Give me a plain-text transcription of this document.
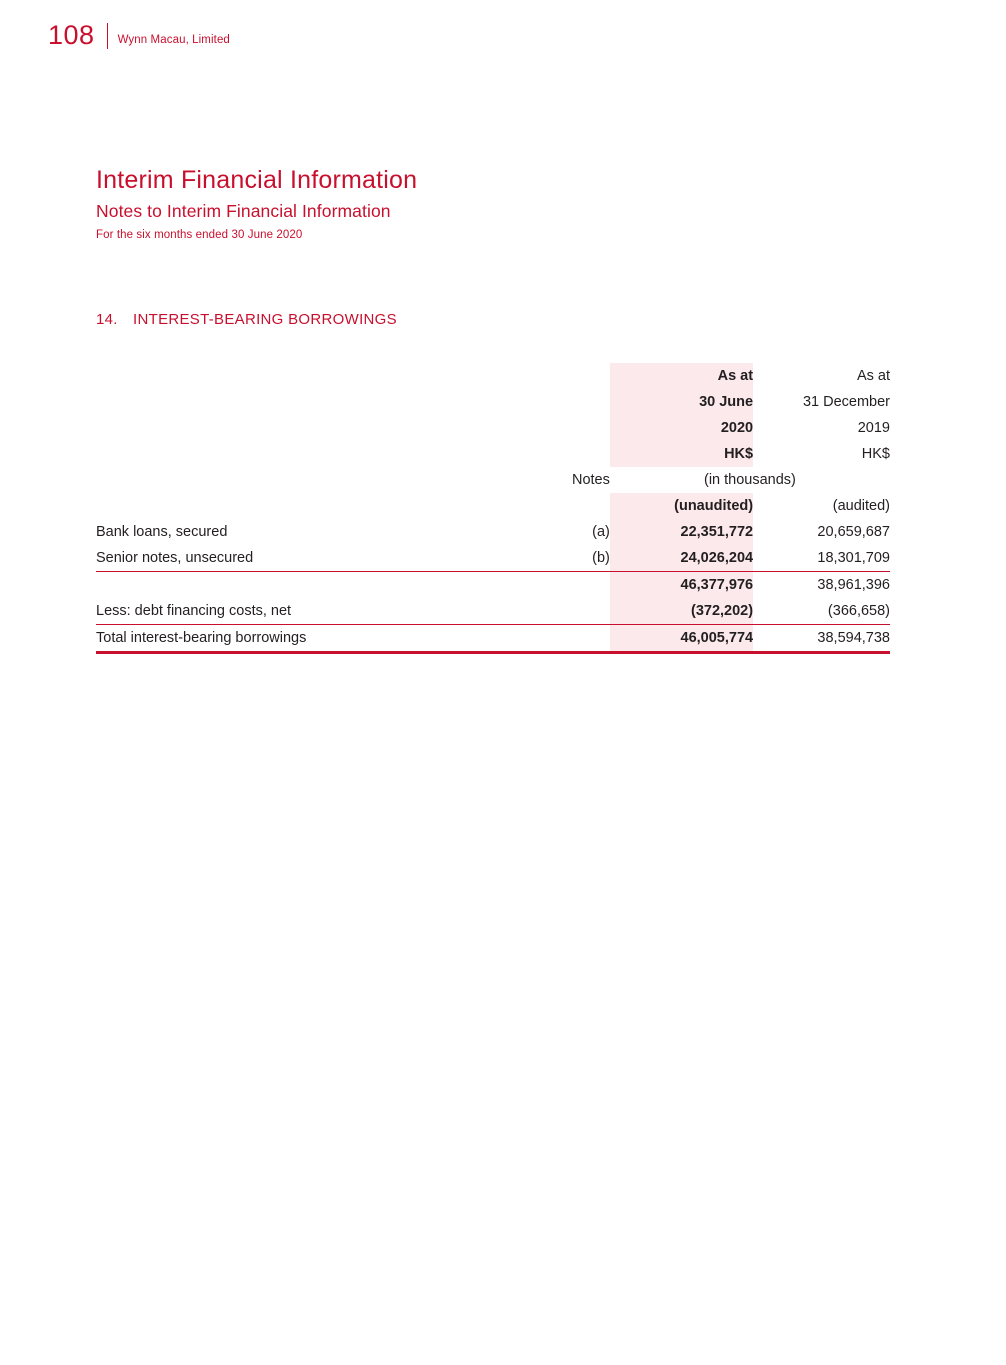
108 Wynn Macau, Limited
Interim Financial Information
Notes to Interim Financial Information
For the six months ended 30 June 2020
14. INTEREST-BEARING BORROWINGS
		As at	As at
		30 June	31 December
		2020	2019
		HK$	HK$
	Notes	(in thousands)	
		(unaudited)	(audited)

Bank loans, secured	(a)	22,351,772	20,659,687
Senior notes, unsecured	(b)	24,026,204	18,301,709

		46,377,976	38,961,396

Less: debt financing costs, net		(372,202)	(366,658)

Total interest-bearing borrowings		46,005,774	38,594,738
